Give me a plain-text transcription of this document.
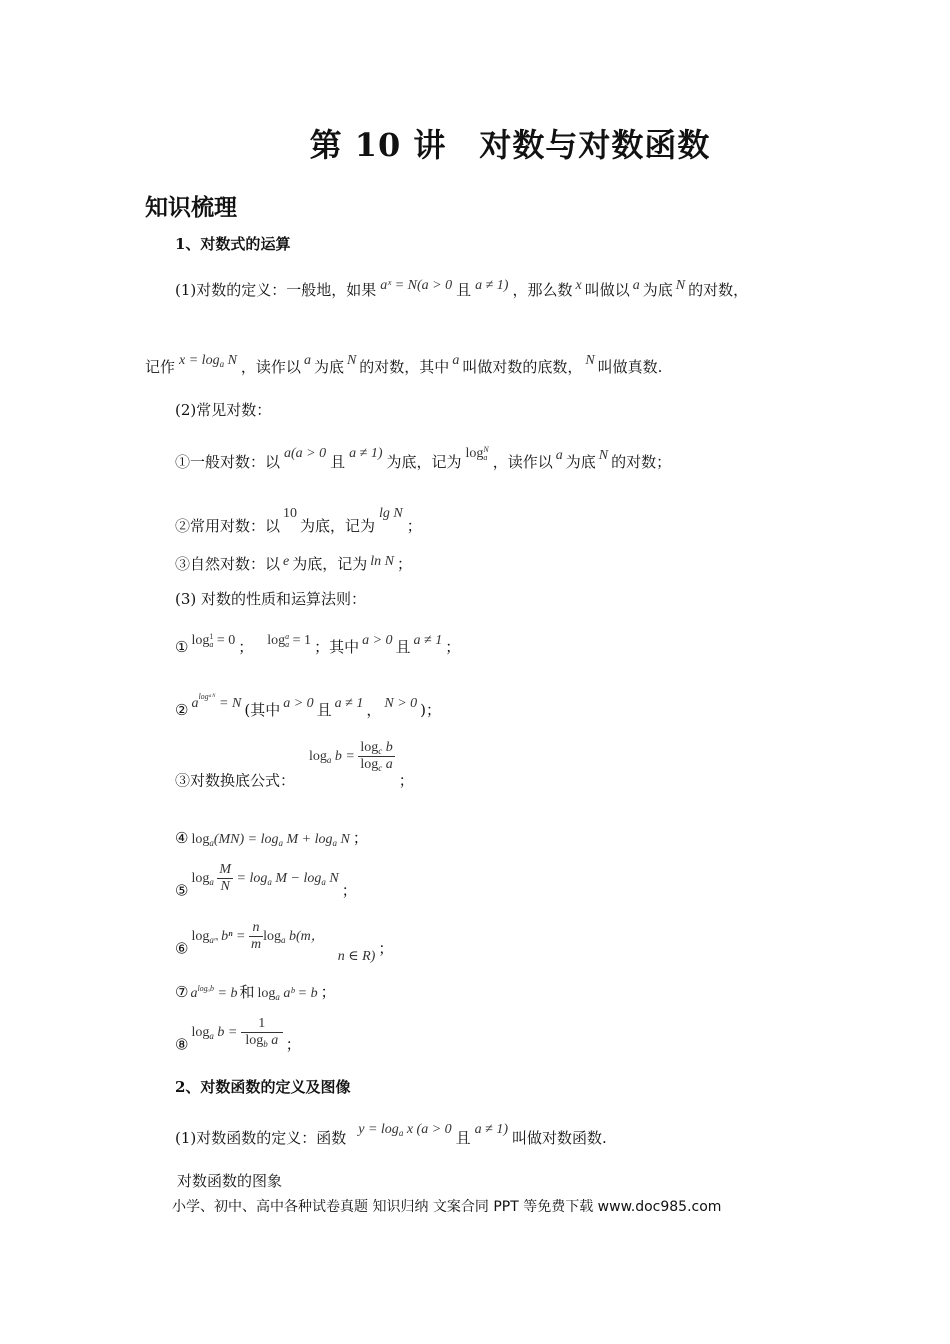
第 10 讲　对数与对数函数
知识梳理
1、对数式的运算
(1)对数的定义：一般地，如果 aˣ = N(a > 0 且 a ≠ 1) ，那么数 x 叫做以 a 为底 N 的对数，
记作 $x = \log_a N$ ，读作以 a 为底 N 的对数，其中 a 叫做对数的底数， N 叫做真数.
(2)常见对数：
①一般对数：以 a(a > 0 且 a ≠ 1) 为底，记为 log N
a ，读作以 a 为底 N 的对数；
②常用对数：以10为底，记为lg N；
③自然对数：以 e 为底，记为 ln N ；
(3) 对数的性质和运算法则：
① log 1
a = 0 ； log a
a = 1 ；其中 a > 0 且 a ≠ 1 ；
② $a^{logᵃᴺ} = N$ (其中 a > 0 且 a ≠ 1 ， N > 0 )；
③对数换底公式：$\log_a b = \frac{\log_c b}{\log_c a}$
；
④ $\log_a(MN) = \log_a M + \log_a N$ ；
$⑤\log_a \frac{M}{N} = \log_a M - \log_a N$；
$⑥\log_{aᵐ}$ $b^n = \frac{n}{m} \log_a b(m$，n ∈ R) ；
⑦ $a^{log_ab} = b$ 和 $\log_a$ aᵇ = b ；
$⑧\log_a$ $b = \frac{1}{\log_b a}$ ；
2、对数函数的定义及图像
(1)对数函数的定义：函数 $y = \log_a x$ (a > 0 且 a ≠ 1) 叫做对数函数.
对数函数的图象
小学、初中、高中各种试卷真题 知识归纳 文案合同 PPT 等免费下载 www.doc985.com
